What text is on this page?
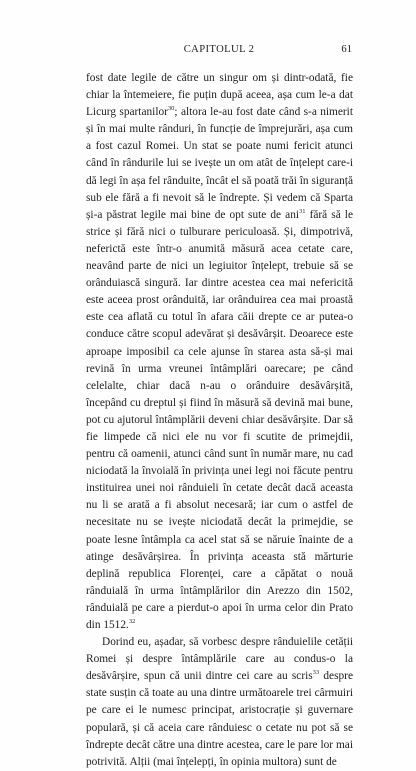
CAPITOLUL 2	61

fost date legile de către un singur om și dintr-odată, fie chiar la întemeiere, fie puțin după aceea, așa cum le-a dat Licurg spartanilor$^{30}$; altora le-au fost date când s-a nimerit și în mai multe rânduri, în funcție de împrejurări, așa cum a fost cazul Romei. Un stat se poate numi fericit atunci când în rândurile lui se ivește un om atât de înțelept care-i dă legi în așa fel rânduite, încât el să poată trăi în siguranță sub ele fără a fi nevoit să le îndrepte. Și vedem că Sparta și-a păstrat legile mai bine de opt sute de ani$^{31}$ fără să le strice și fără nici o tulburare periculoasă. Și, dimpotrivă, neferictă este într-o anumită măsură acea cetate care, neavând parte de nici un legiuitor înțelept, trebuie să se orânduiască singură. Iar dintre acestea cea mai nefericită este aceea prost orânduită, iar orânduirea cea mai proastă este cea aflată cu totul în afara căii drepte ce ar putea-o conduce către scopul adevărat și desăvârșit. Deoarece este aproape imposibil ca cele ajunse în starea asta să-și mai revină în urma vreunei întâmplări oarecare; pe când celelalte, chiar dacă n-au o orânduire desăvârșită, începând cu dreptul și fiind în măsură să devină mai bune, pot cu ajutorul întâmplării deveni chiar desăvârșite. Dar să fie limpede că nici ele nu vor fi scutite de primejdii, pentru că oamenii, atunci când sunt în număr mare, nu cad niciodată la învoială în privința unei legi noi făcute pentru instituirea unei noi rânduieli în cetate decât dacă aceasta nu li se arată a fi absolut necesară; iar cum o astfel de necesitate nu se ivește niciodată decât la primejdie, se poate lesne întâmpla ca acel stat să se năruie înainte de a atinge desăvârșirea. În privința aceasta stă mărturie deplină republica Florenței, care a căpătat o nouă rânduială în urma întâmplărilor din Arezzo din 1502, rânduială pe care a pierdut-o apoi în urma celor din Prato din 1512.32

Dorind eu, așadar, să vorbesc despre rânduielile cetății Romei și despre întâmplările care au condus-o la desăvârșire, spun că unii dintre cei care au scris$^{33}$ despre state susțin că toate au una dintre următoarele trei cârmuiri pe care ei le numesc principat, aristocrație și guvernare populară, și că aceia care rânduiesc o cetate nu pot să se îndrepte decât către una dintre acestea, care le pare lor mai potrivită. Alții (mai înțelepți, în opinia multora) sunt de
